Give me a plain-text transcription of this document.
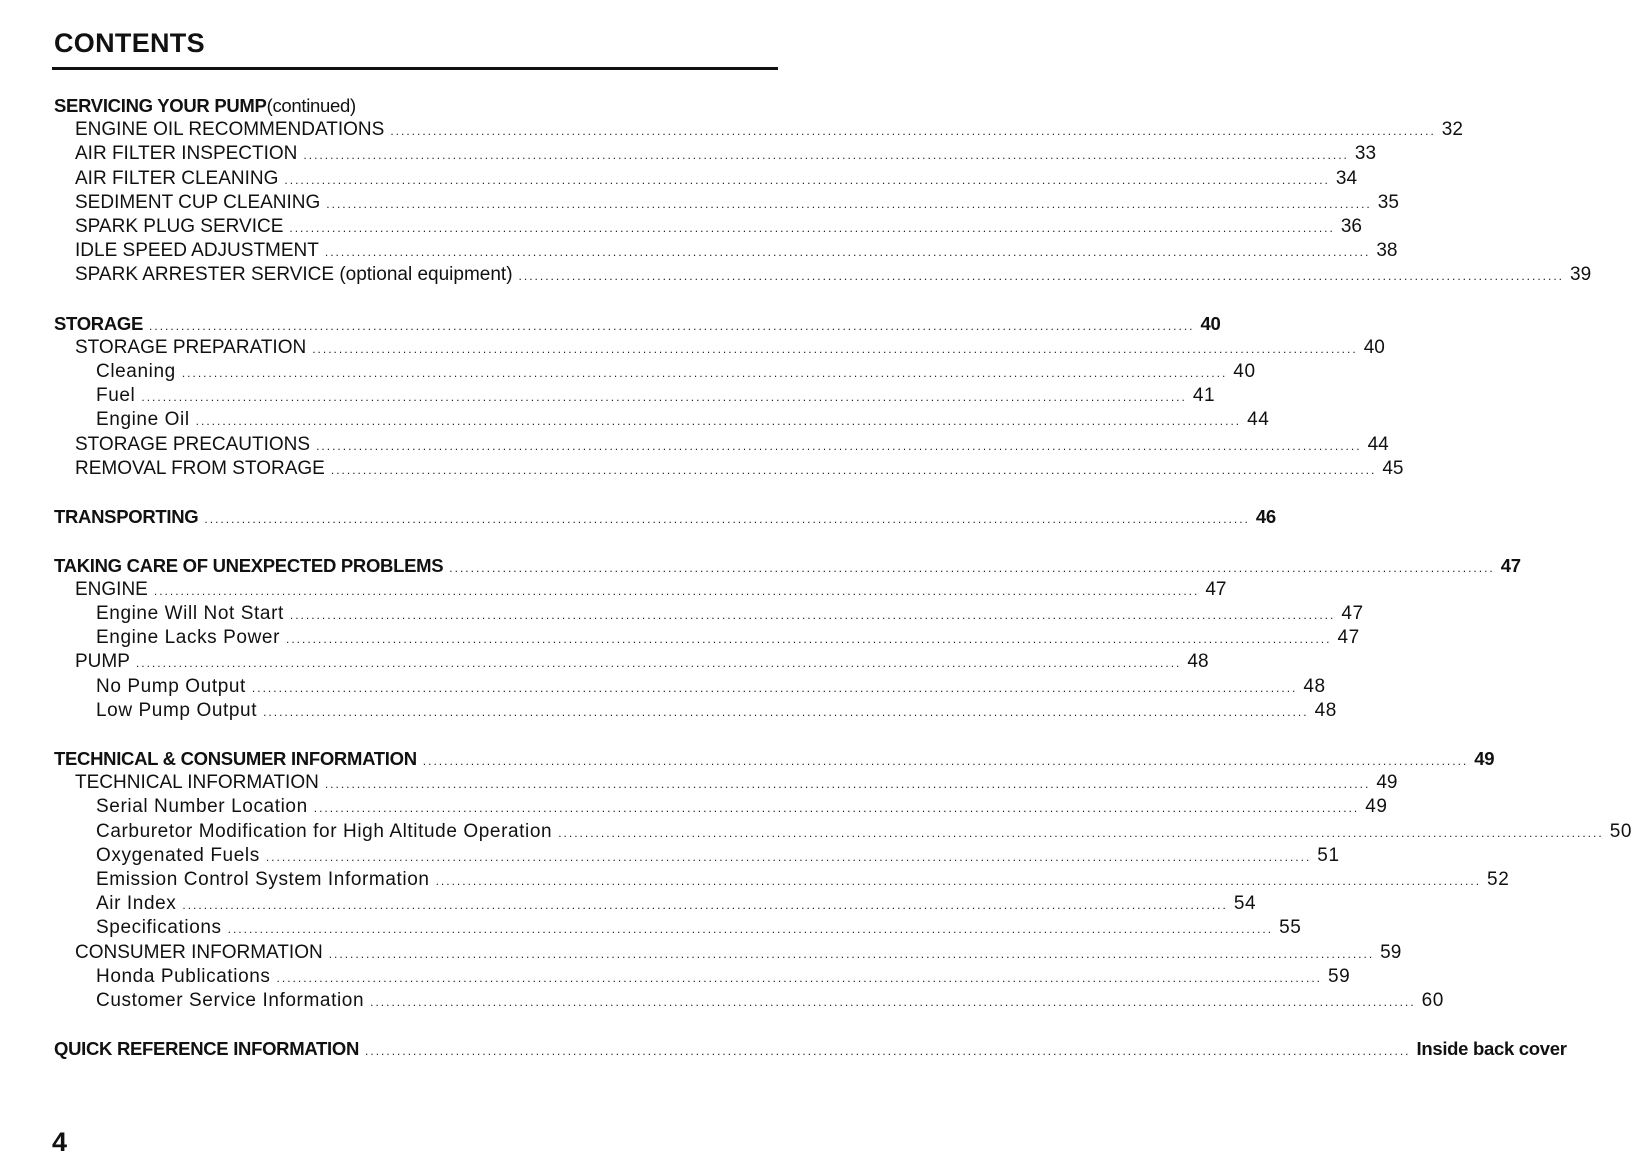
CONTENTS
SERVICING YOUR PUMP (continued)
ENGINE OIL RECOMMENDATIONS .................................................................................................................................................................................................... 32
AIR FILTER INSPECTION .................................................................................................................................................................................................... 33
AIR FILTER CLEANING .................................................................................................................................................................................................... 34
SEDIMENT CUP CLEANING .................................................................................................................................................................................................... 35
SPARK PLUG SERVICE .................................................................................................................................................................................................... 36
IDLE SPEED ADJUSTMENT .................................................................................................................................................................................................... 38
SPARK ARRESTER SERVICE (optional equipment) .................................................................................................................................................................................................... 39
STORAGE .................................................................................................................................................................................................... 40
STORAGE PREPARATION .................................................................................................................................................................................................... 40
Cleaning .................................................................................................................................................................................................... 40
Fuel .................................................................................................................................................................................................... 41
Engine Oil .................................................................................................................................................................................................... 44
STORAGE PRECAUTIONS .................................................................................................................................................................................................... 44
REMOVAL FROM STORAGE .................................................................................................................................................................................................... 45
TRANSPORTING .................................................................................................................................................................................................... 46
TAKING CARE OF UNEXPECTED PROBLEMS .................................................................................................................................................................................................... 47
ENGINE .................................................................................................................................................................................................... 47
Engine Will Not Start .................................................................................................................................................................................................... 47
Engine Lacks Power .................................................................................................................................................................................................... 47
PUMP .................................................................................................................................................................................................... 48
No Pump Output .................................................................................................................................................................................................... 48
Low Pump Output .................................................................................................................................................................................................... 48
TECHNICAL & CONSUMER INFORMATION .................................................................................................................................................................................................... 49
TECHNICAL INFORMATION .................................................................................................................................................................................................... 49
Serial Number Location .................................................................................................................................................................................................... 49
Carburetor Modification for High Altitude Operation .................................................................................................................................................................................................... 50
Oxygenated Fuels .................................................................................................................................................................................................... 51
Emission Control System Information .................................................................................................................................................................................................... 52
Air Index .................................................................................................................................................................................................... 54
Specifications .................................................................................................................................................................................................... 55
CONSUMER INFORMATION .................................................................................................................................................................................................... 59
Honda Publications .................................................................................................................................................................................................... 59
Customer Service Information .................................................................................................................................................................................................... 60
QUICK REFERENCE INFORMATION .................................................................................................................................................................................................... Inside back cover
4
